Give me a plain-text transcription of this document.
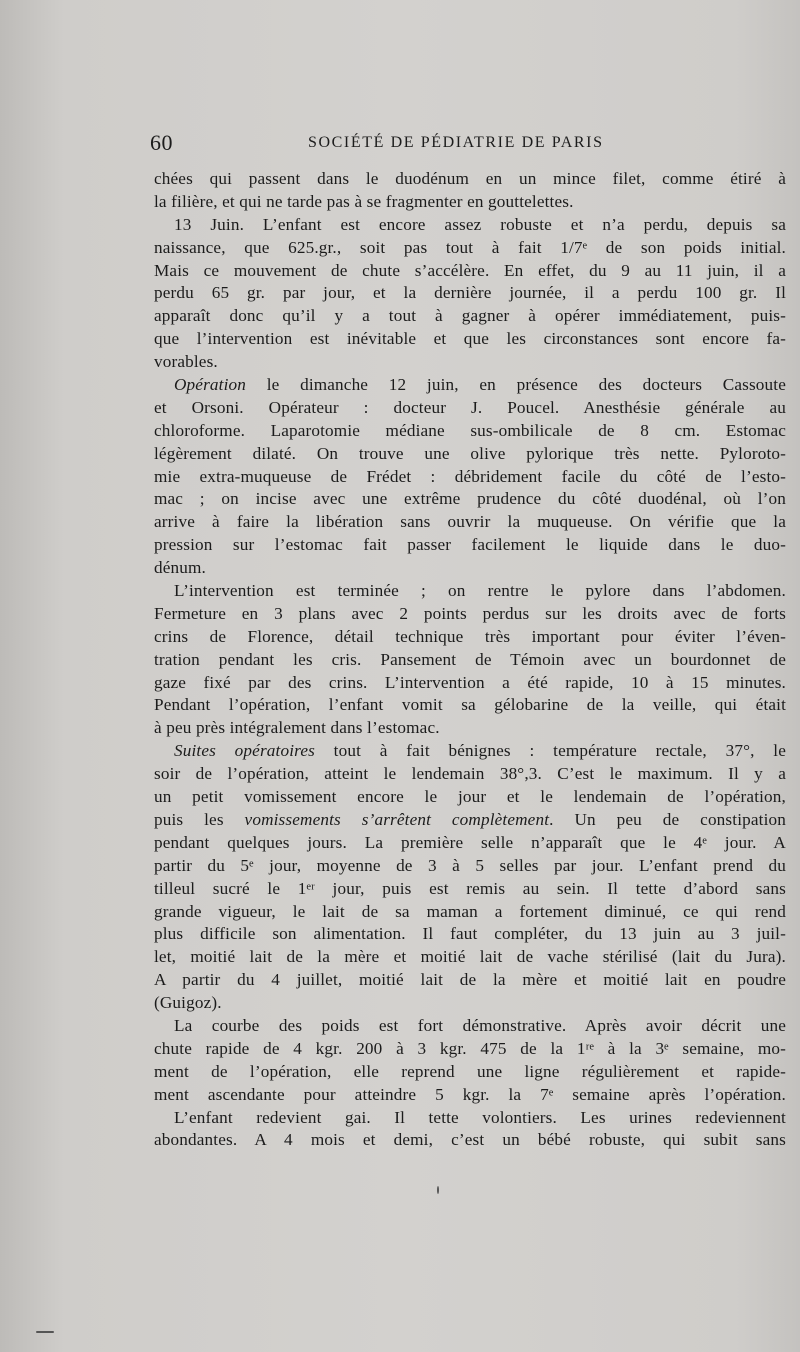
60	SOCIÉTÉ DE PÉDIATRIE DE PARIS
chées qui passent dans le duodénum en un mince filet, comme étiré à
la filière, et qui ne tarde pas à se fragmenter en gouttelettes.
13 Juin. L’enfant est encore assez robuste et n’a perdu, depuis sa
naissance, que 625.gr., soit pas tout à fait 1/7ᵉ de son poids initial.
Mais ce mouvement de chute s’accélère. En effet, du 9 au 11 juin, il a
perdu 65 gr. par jour, et la dernière journée, il a perdu 100 gr. Il
apparaît donc qu’il y a tout à gagner à opérer immédiatement, puis-
que l’intervention est inévitable et que les circonstances sont encore fa-
vorables.
Opération le dimanche 12 juin, en présence des docteurs Cassoute
et Orsoni. Opérateur : docteur J. Poucel. Anesthésie générale au
chloroforme. Laparotomie médiane sus-ombilicale de 8 cm. Estomac
légèrement dilaté. On trouve une olive pylorique très nette. Pyloroto-
mie extra-muqueuse de Frédet : débridement facile du côté de l’esto-
mac ; on incise avec une extrême prudence du côté duodénal, où l’on
arrive à faire la libération sans ouvrir la muqueuse. On vérifie que la
pression sur l’estomac fait passer facilement le liquide dans le duo-
dénum.
L’intervention est terminée ; on rentre le pylore dans l’abdomen.
Fermeture en 3 plans avec 2 points perdus sur les droits avec de forts
crins de Florence, détail technique très important pour éviter l’éven-
tration pendant les cris. Pansement de Témoin avec un bourdonnet de
gaze fixé par des crins. L’intervention a été rapide, 10 à 15 minutes.
Pendant l’opération, l’enfant vomit sa gélobarine de la veille, qui était
à peu près intégralement dans l’estomac.
Suites opératoires tout à fait bénignes : température rectale, 37°, le
soir de l’opération, atteint le lendemain 38°,3. C’est le maximum. Il y a
un petit vomissement encore le jour et le lendemain de l’opération,
puis les vomissements s’arrêtent complètement. Un peu de constipation
pendant quelques jours. La première selle n’apparaît que le 4ᵉ jour. A
partir du 5ᵉ jour, moyenne de 3 à 5 selles par jour. L’enfant prend du
tilleul sucré le 1ᵉʳ jour, puis est remis au sein. Il tette d’abord sans
grande vigueur, le lait de sa maman a fortement diminué, ce qui rend
plus difficile son alimentation. Il faut compléter, du 13 juin au 3 juil-
let, moitié lait de la mère et moitié lait de vache stérilisé (lait du Jura).
A partir du 4 juillet, moitié lait de la mère et moitié lait en poudre
(Guigoz).
La courbe des poids est fort démonstrative. Après avoir décrit une
chute rapide de 4 kgr. 200 à 3 kgr. 475 de la 1ʳᵉ à la 3ᵉ semaine, mo-
ment de l’opération, elle reprend une ligne régulièrement et rapide-
ment ascendante pour atteindre 5 kgr. la 7ᵉ semaine après l’opération.
L’enfant redevient gai. Il tette volontiers. Les urines redeviennent
abondantes. A 4 mois et demi, c’est un bébé robuste, qui subit sans
